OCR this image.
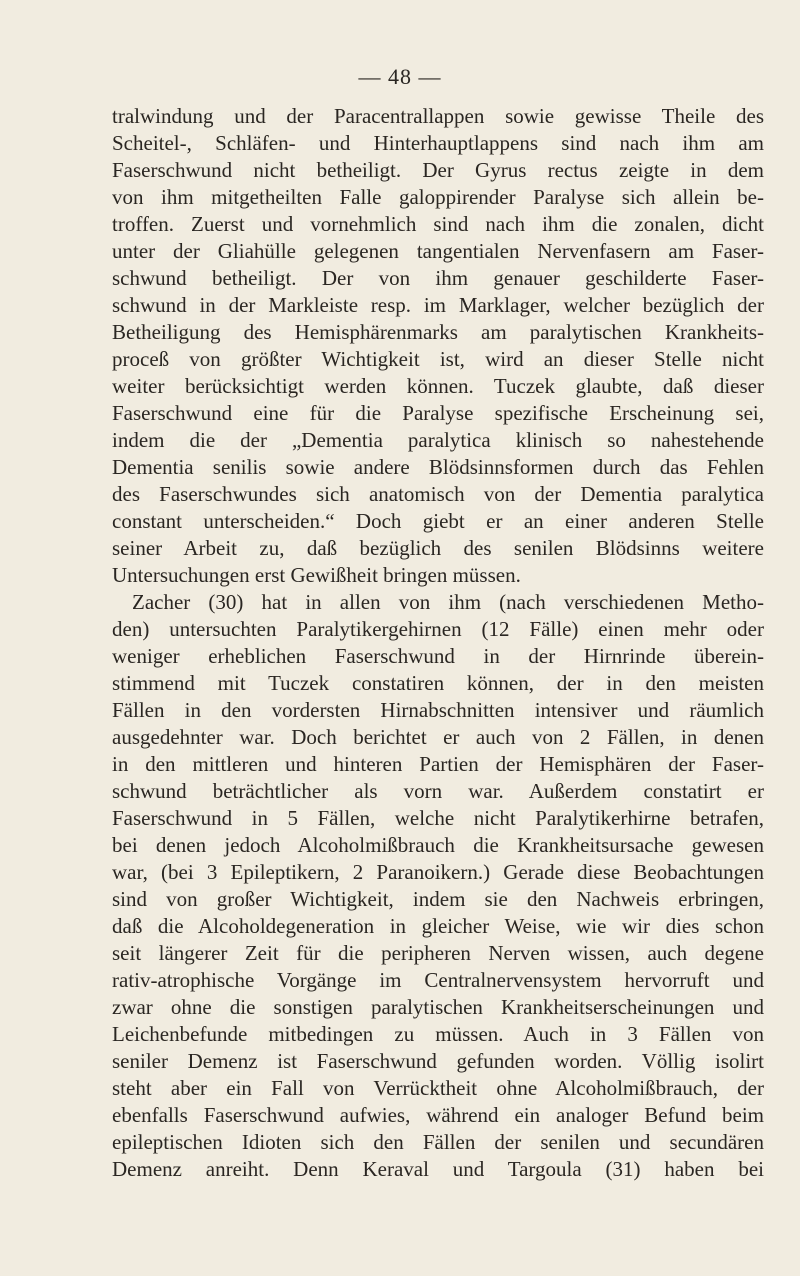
— 48 —
tralwindung und der Paracentrallappen sowie gewisse Theile des
Scheitel-, Schläfen- und Hinterhauptlappens sind nach ihm am
Faserschwund nicht betheiligt. Der Gyrus rectus zeigte in dem
von ihm mitgetheilten Falle galoppirender Paralyse sich allein be-
troffen. Zuerst und vornehmlich sind nach ihm die zonalen, dicht
unter der Gliahülle gelegenen tangentialen Nervenfasern am Faser-
schwund betheiligt. Der von ihm genauer geschilderte Faser-
schwund in der Markleiste resp. im Marklager, welcher bezüglich der
Betheiligung des Hemisphärenmarks am paralytischen Krankheits-
proceß von größter Wichtigkeit ist, wird an dieser Stelle nicht
weiter berücksichtigt werden können. Tuczek glaubte, daß dieser
Faserschwund eine für die Paralyse spezifische Erscheinung sei,
indem die der „Dementia paralytica klinisch so nahestehende
Dementia senilis sowie andere Blödsinnsformen durch das Fehlen
des Faserschwundes sich anatomisch von der Dementia paralytica
constant unterscheiden.“ Doch giebt er an einer anderen Stelle
seiner Arbeit zu, daß bezüglich des senilen Blödsinns weitere
Untersuchungen erst Gewißheit bringen müssen.
Zacher (30) hat in allen von ihm (nach verschiedenen Metho-
den) untersuchten Paralytikergehirnen (12 Fälle) einen mehr oder
weniger erheblichen Faserschwund in der Hirnrinde überein-
stimmend mit Tuczek constatiren können, der in den meisten
Fällen in den vordersten Hirnabschnitten intensiver und räumlich
ausgedehnter war. Doch berichtet er auch von 2 Fällen, in denen
in den mittleren und hinteren Partien der Hemisphären der Faser-
schwund beträchtlicher als vorn war. Außerdem constatirt er
Faserschwund in 5 Fällen, welche nicht Paralytikerhirne betrafen,
bei denen jedoch Alcoholmißbrauch die Krankheitsursache gewesen
war, (bei 3 Epileptikern, 2 Paranoikern.) Gerade diese Beobachtungen
sind von großer Wichtigkeit, indem sie den Nachweis erbringen,
daß die Alcoholdegeneration in gleicher Weise, wie wir dies schon
seit längerer Zeit für die peripheren Nerven wissen, auch degene
rativ-atrophische Vorgänge im Centralnervensystem hervorruft und
zwar ohne die sonstigen paralytischen Krankheitserscheinungen und
Leichenbefunde mitbedingen zu müssen. Auch in 3 Fällen von
seniler Demenz ist Faserschwund gefunden worden. Völlig isolirt
steht aber ein Fall von Verrücktheit ohne Alcoholmißbrauch, der
ebenfalls Faserschwund aufwies, während ein analoger Befund beim
epileptischen Idioten sich den Fällen der senilen und secundären
Demenz anreiht. Denn Keraval und Targoula (31) haben bei
